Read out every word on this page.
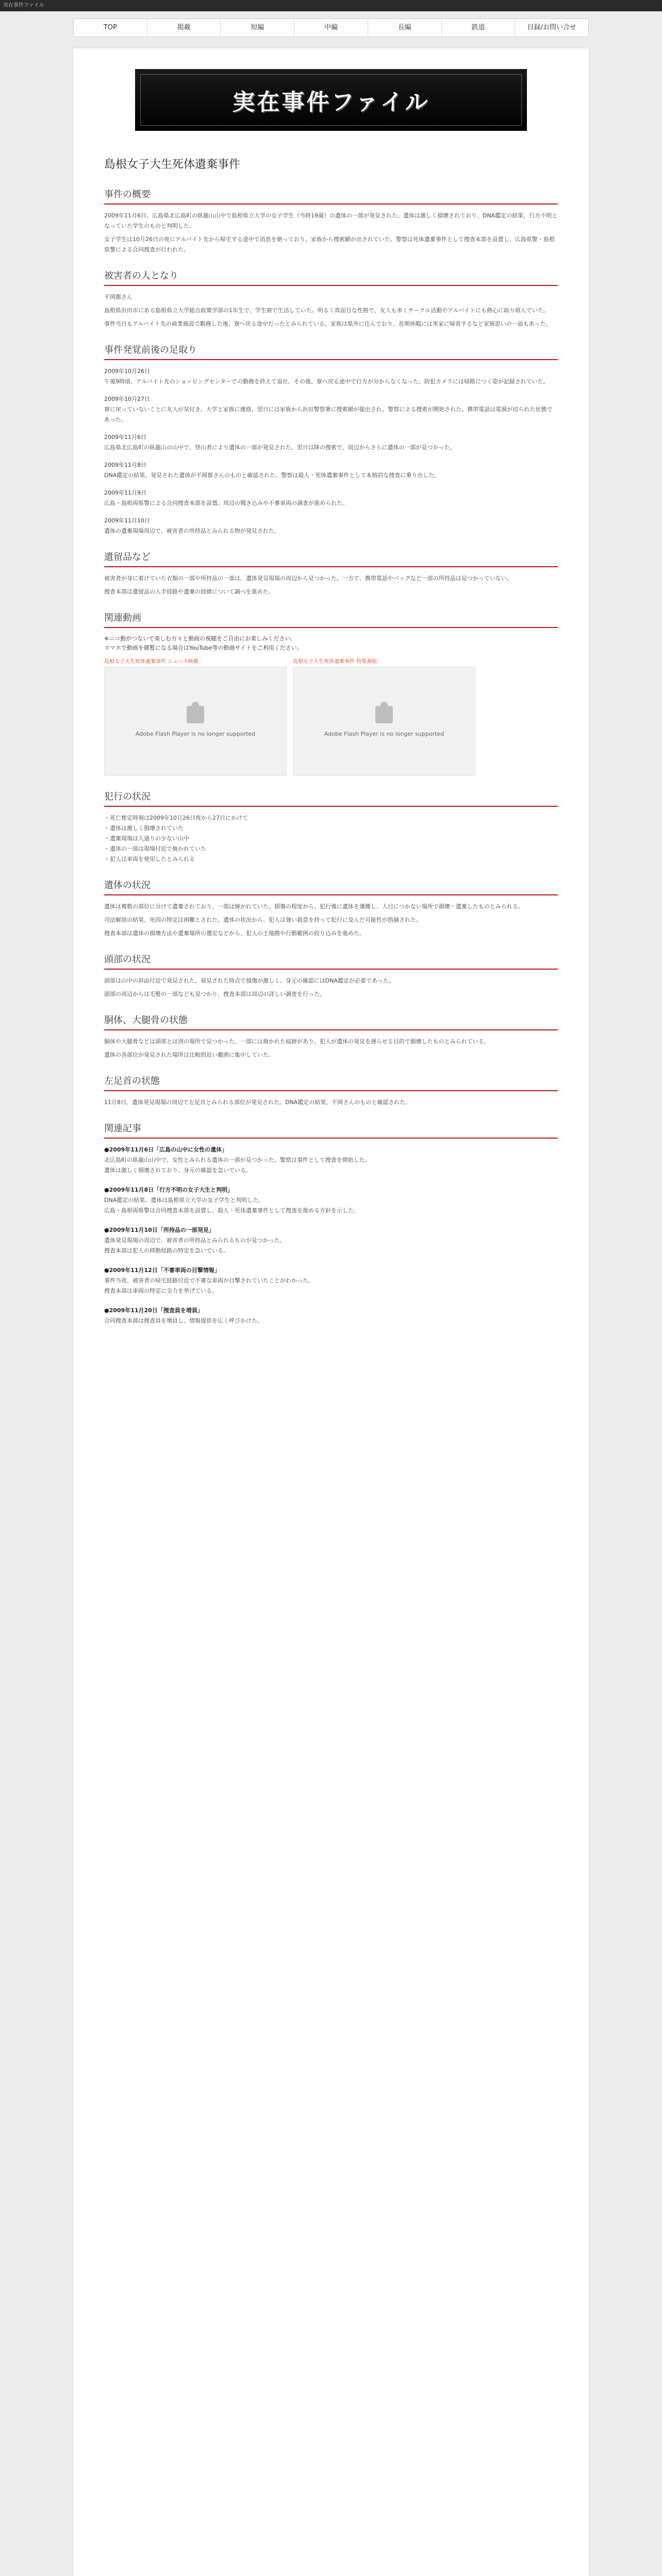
実在事件ファイル
TOP	掲載	短編	中編	長編	鉄道	目録/お問い合せ
実在事件ファイル
島根女子大生死体遺棄事件
事件の概要

2009年11月6日、広島県北広島町の臥龍山山中で島根県立大学の女子学生（当時19歳）の遺体の一部が発見された。遺体は激しく損壊されており、DNA鑑定の結果、行方不明となっていた学生のものと判明した。

女子学生は10月26日の夜にアルバイト先から帰宅する途中で消息を絶っており、家族から捜索願が出されていた。警察は死体遺棄事件として捜査本部を設置し、広島県警・島根県警による合同捜査が行われた。

被害者の人となり

平岡都さん

島根県浜田市にある島根県立大学総合政策学部の1年生で、学生寮で生活していた。明るく真面目な性格で、友人も多くサークル活動やアルバイトにも熱心に取り組んでいた。

事件当日もアルバイト先の商業施設で勤務した後、寮へ戻る途中だったとみられている。家族は県外に住んでおり、長期休暇には実家に帰省するなど家族思いの一面もあった。

事件発覚前後の足取り

2009年10月26日

午後9時頃、アルバイト先のショッピングセンターでの勤務を終えて退社。その後、寮へ戻る途中で行方が分からなくなった。防犯カメラには帰路につく姿が記録されていた。

2009年10月27日

寮に戻っていないことに友人が気付き、大学と家族に連絡。翌日には家族から浜田警察署に捜索願が提出され、警察による捜索が開始された。携帯電話は電源が切られた状態であった。

2009年11月6日

広島県北広島町の臥龍山の山中で、登山者により遺体の一部が発見された。翌日以降の捜索で、周辺からさらに遺体の一部が見つかった。

2009年11月8日

DNA鑑定の結果、発見された遺体が平岡都さんのものと確認された。警察は殺人・死体遺棄事件として本格的な捜査に乗り出した。

2009年11月9日

広島・島根両県警による合同捜査本部を設置。周辺の聞き込みや不審車両の調査が進められた。

2009年11月10日

遺体の遺棄現場周辺で、被害者の所持品とみられる物が発見された。

遺留品など

被害者が身に着けていた衣類の一部や所持品の一部は、遺体発見現場の周辺から見つかった。一方で、携帯電話やバッグなど一部の所持品は見つかっていない。

捜査本部は遺留品の入手経路や遺棄の経緯について調べを進めた。

関連動画
※ニコ動がつないで楽しむ方々と動画の視聴をご自由にお楽しみください。
スマホで動画を御覧になる場合はYouTube等の動画サイトをご利用ください。
島根女子大生死体遺棄事件 ニュース映像
Adobe Flash Player is no longer supported
島根女子大生死体遺棄事件 特集番組
Adobe Flash Player is no longer supported
犯行の状況
・死亡推定時刻は2009年10月26日夜から27日にかけて
・遺体は激しく損壊されていた
・遺棄現場は人通りの少ない山中
・遺体の一部は現場付近で焼かれていた
・犯人は車両を使用したとみられる
遺体の状況

遺体は複数の部位に分けて遺棄されており、一部は焼かれていた。損傷の程度から、犯行後に遺体を運搬し、人目につかない場所で損壊・遺棄したものとみられる。

司法解剖の結果、死因の特定は困難とされた。遺体の状況から、犯人は強い殺意を持って犯行に及んだ可能性が指摘された。

捜査本部は遺体の損壊方法や遺棄場所の選定などから、犯人の土地勘や行動範囲の絞り込みを進めた。

頭部の状況

頭部は山中の斜面付近で発見された。発見された時点で損傷が激しく、身元の確認にはDNA鑑定が必要であった。

頭部の周辺からは毛髪の一部なども見つかり、捜査本部は周辺の詳しい調査を行った。

胴体、大腿骨の状態

胴体や大腿骨などは頭部とは別の場所で見つかった。一部には焼かれた痕跡があり、犯人が遺体の発見を遅らせる目的で損壊したものとみられている。

遺体の各部位が発見された場所は比較的近い範囲に集中していた。

左足首の状態

11月8日、遺体発見現場の周辺で左足首とみられる部位が発見された。DNA鑑定の結果、平岡さんのものと確認された。

関連記事

●2009年11月6日「広島の山中に女性の遺体」

北広島町の臥龍山山中で、女性とみられる遺体の一部が見つかった。警察は事件として捜査を開始した。

遺体は激しく損壊されており、身元の確認を急いでいる。

●2009年11月8日「行方不明の女子大生と判明」

DNA鑑定の結果、遺体は島根県立大学の女子学生と判明した。

広島・島根両県警は合同捜査本部を設置し、殺人・死体遺棄事件として捜査を進める方針を示した。

●2009年11月10日「所持品の一部発見」

遺体発見現場の周辺で、被害者の所持品とみられるものが見つかった。

捜査本部は犯人の移動経路の特定を急いでいる。

●2009年11月12日「不審車両の目撃情報」

事件当夜、被害者の帰宅経路付近で不審な車両が目撃されていたことがわかった。

捜査本部は車両の特定に全力を挙げている。

●2009年11月20日「捜査員を増員」

合同捜査本部は捜査員を増員し、情報提供を広く呼びかけた。
